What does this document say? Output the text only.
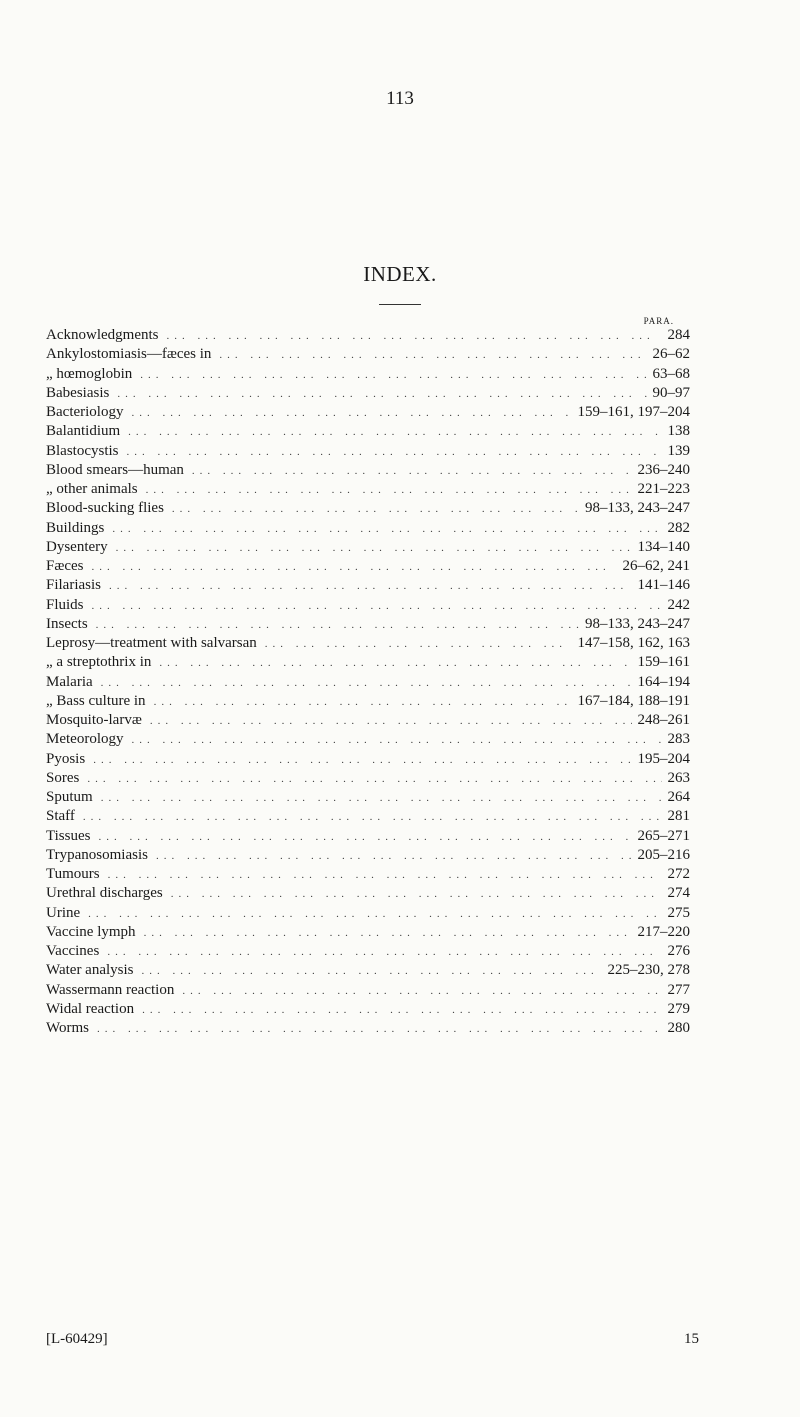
113
INDEX.
PARA.
Acknowledgments ... .	284
Ankylostomiasis—fæces in ... .	26–62
„ hœmoglobin ... .	63–68
Babesiasis ... .	90–97
Bacteriology ... .	159–161, 197–204
Balantidium ... .	138
Blastocystis ... .	139
Blood smears—human ... .	236–240
„ other animals ... .	221–223
Blood-sucking flies ... .	98–133, 243–247
Buildings ... .	282
Dysentery ... .	134–140
Fæces ... .	26–62, 241
Filariasis ... .	141–146
Fluids ... .	242
Insects ... .	98–133, 243–247
Leprosy—treatment with salvarsan ... .	147–158, 162, 163
„ a streptothrix in ... .	159–161
Malaria ... .	164–194
„ Bass culture in ... .	167–184, 188–191
Mosquito-larvæ ... .	248–261
Meteorology ... .	283
Pyosis ... .	195–204
Sores ... .	263
Sputum ... .	264
Staff ... .	281
Tissues ... .	265–271
Trypanosomiasis ... .	205–216
Tumours ... .	272
Urethral discharges ... .	274
Urine ... .	275
Vaccine lymph ... .	217–220
Vaccines ... .	276
Water analysis ... .	225–230, 278
Wassermann reaction ... .	277
Widal reaction ... .	279
Worms ... .	280
[L-60429]	15
